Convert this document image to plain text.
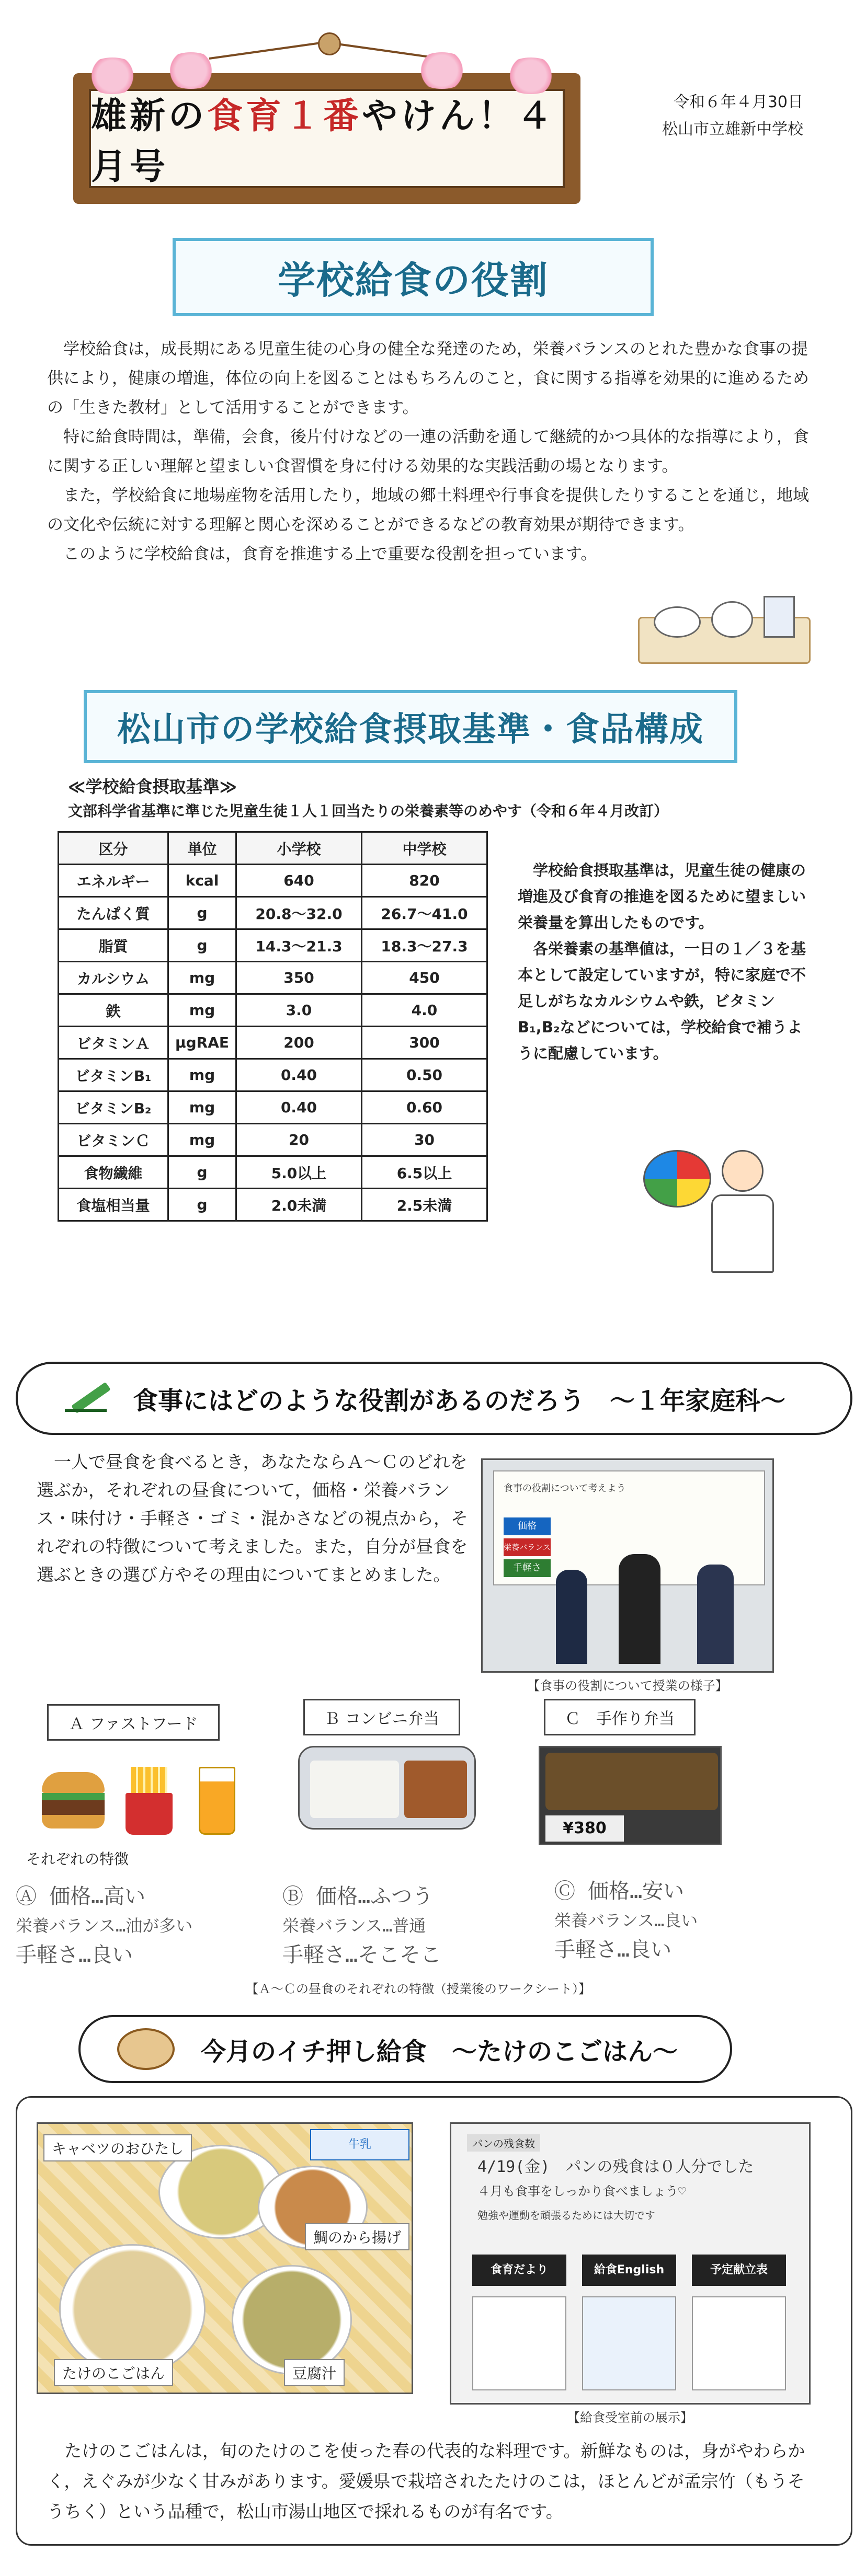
雄新の食育１番やけん！４月号
令和６年４月30日
松山市立雄新中学校
学校給食の役割

学校給食は，成長期にある児童生徒の心身の健全な発達のため，栄養バランスのとれた豊かな食事の提供により，健康の増進，体位の向上を図ることはもちろんのこと，食に関する指導を効果的に進めるための「生きた教材」として活用することができます。

特に給食時間は，準備，会食，後片付けなどの一連の活動を通して継続的かつ具体的な指導により，食に関する正しい理解と望ましい食習慣を身に付ける効果的な実践活動の場となります。

また，学校給食に地場産物を活用したり，地域の郷土料理や行事食を提供したりすることを通じ，地域の文化や伝統に対する理解と関心を深めることができるなどの教育効果が期待できます。

このように学校給食は，食育を推進する上で重要な役割を担っています。

松山市の学校給食摂取基準・食品構成
≪学校給食摂取基準≫
文部科学省基準に準じた児童生徒１人１回当たりの栄養素等のめやす（令和６年４月改訂）
区分	単位	小学校	中学校
エネルギー	kcal	640	820
たんぱく質	g	20.8～32.0	26.7～41.0
脂質	g	14.3～21.3	18.3～27.3
カルシウム	mg	350	450
鉄	mg	3.0	4.0
ビタミンＡ	μgRAE	200	300
ビタミンB₁	mg	0.40	0.50
ビタミンB₂	mg	0.40	0.60
ビタミンＣ	mg	20	30
食物繊維	g	5.0以上	6.5以上
食塩相当量	g	2.0未満	2.5未満

学校給食摂取基準は，児童生徒の健康の増進及び食育の推進を図るために望ましい栄養量を算出したものです。

各栄養素の基準値は，一日の１／３を基本として設定していますが，特に家庭で不足しがちなカルシウムや鉄，ビタミンB₁,B₂などについては，学校給食で補うように配慮しています。

食事にはどのような役割があるのだろう　～１年家庭科～
一人で昼食を食べるとき，あなたならＡ～Ｃのどれを選ぶか，それぞれの昼食について，価格・栄養バランス・味付け・手軽さ・ゴミ・混かさなどの視点から，それぞれの特徴について考えました。また，自分が昼食を選ぶときの選び方やその理由についてまとめました。
食事の役割について考えよう
価格
栄養バランス
手軽さ
【食事の役割について授業の様子】
Ａ ファストフード	Ｂ コンビニ弁当	Ｃ　手作り弁当
それぞれの特徴
¥380
Ⓐ 価格…高い
栄養バランス…油が多い
手軽さ…良い
Ⓑ 価格…ふつう
栄養バランス…普通
手軽さ…そこそこ
Ⓒ 価格…安い
栄養バランス…良い
手軽さ…良い
【Ａ～Ｃの昼食のそれぞれの特徴（授業後のワークシート）】
今月のイチ押し給食　～たけのこごはん～
牛乳
キャベツのおひたし
鯛のから揚げ
たけのこごはん	豆腐汁
パンの残食数
4/19(金)　 パンの残食は０人分でした
４月も食事をしっかり食べましょう♡
勉強や運動を頑張るためには大切です
食育だより	給食English	予定献立表
【給食受室前の展示】
たけのこごはんは，旬のたけのこを使った春の代表的な料理です。新鮮なものは，身がやわらかく，えぐみが少なく甘みがあります。愛媛県で栽培されたたけのこは，ほとんどが孟宗竹（もうそうちく）という品種で，松山市湯山地区で採れるものが有名です。
